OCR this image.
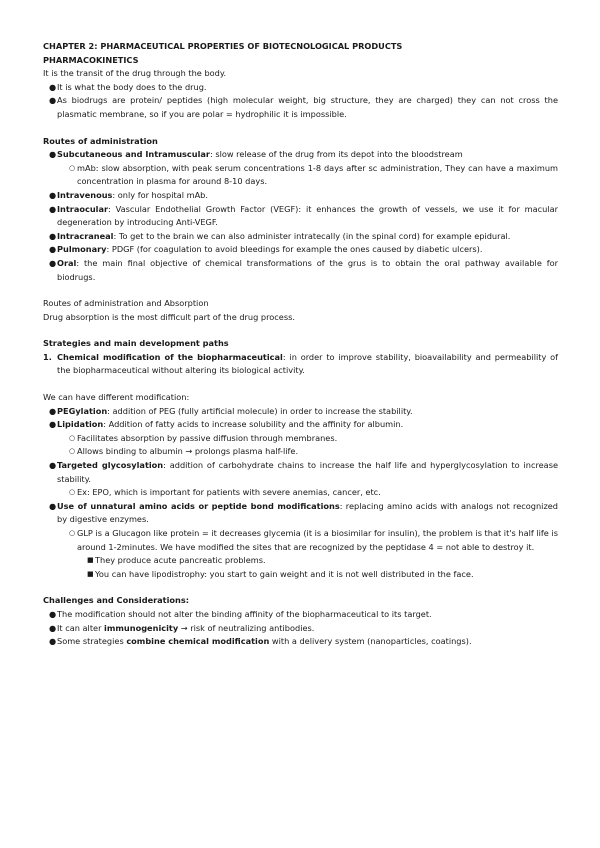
CHAPTER 2: PHARMACEUTICAL PROPERTIES OF BIOTECNOLOGICAL PRODUCTS

PHARMACOKINETICS

It is the transit of the drug through the body.

● It is what the body does to the drug.
● As biodrugs are protein/ peptides (high molecular weight, big structure, they are charged) they can not cross the plasmatic membrane, so if you are polar = hydrophilic it is impossible.

Routes of administration

● Subcutaneous and Intramuscular: slow release of the drug from its depot into the bloodstream
○ mAb: slow absorption, with peak serum concentrations 1-8 days after sc administration, They can have a maximum concentration in plasma for around 8-10 days.
● Intravenous: only for hospital mAb.
● Intraocular: Vascular Endothelial Growth Factor (VEGF): it enhances the growth of vessels, we use it for macular degeneration by introducing Anti-VEGF.
● Intracraneal: To get to the brain we can also administer intratecally (in the spinal cord) for example epidural.
● Pulmonary: PDGF (for coagulation to avoid bleedings for example the ones caused by diabetic ulcers).
● Oral: the main final objective of chemical transformations of the grus is to obtain the oral pathway available for biodrugs.

Routes of administration and Absorption

Drug absorption is the most difficult part of the drug process.

Strategies and main development paths

1. Chemical modification of the biopharmaceutical: in order to improve stability, bioavailability and permeability of the biopharmaceutical without altering its biological activity.

We can have different modification:

● PEGylation: addition of PEG (fully artificial molecule) in order to increase the stability.
● Lipidation: Addition of fatty acids to increase solubility and the affinity for albumin.
○ Facilitates absorption by passive diffusion through membranes.
○ Allows binding to albumin → prolongs plasma half-life.
● Targeted glycosylation: addition of carbohydrate chains to increase the half life and hyperglycosylation to increase stability.
○ Ex: EPO, which is important for patients with severe anemias, cancer, etc.
● Use of unnatural amino acids or peptide bond modifications: replacing amino acids with analogs not recognized by digestive enzymes.
○ GLP is a Glucagon like protein = it decreases glycemia (it is a biosimilar for insulin), the problem is that it's half life is around 1-2minutes. We have modified the sites that are recognized by the peptidase 4 = not able to destroy it.
■ They produce acute pancreatic problems.
■ You can have lipodistrophy: you start to gain weight and it is not well distributed in the face.

Challenges and Considerations:

● The modification should not alter the binding affinity of the biopharmaceutical to its target.
● It can alter immunogenicity → risk of neutralizing antibodies.
● Some strategies combine chemical modification with a delivery system (nanoparticles, coatings).
